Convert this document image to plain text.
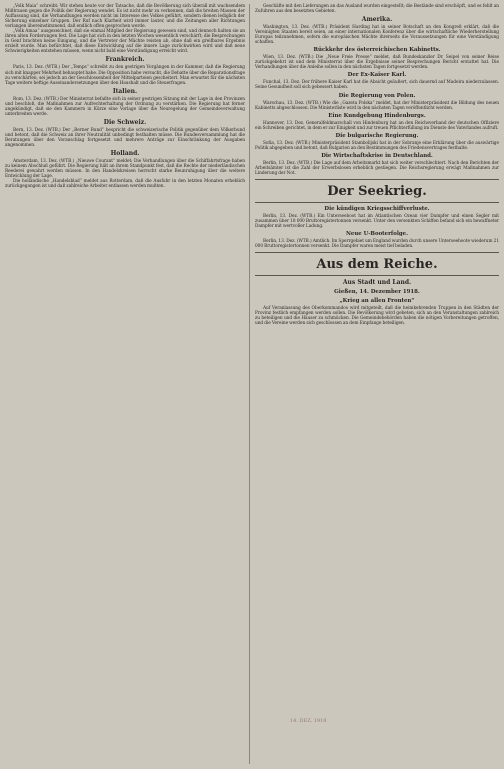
„Volk Maia“ schreibt: Wir stehen heute vor der Tatsache, daß die Bevölkerung sich überall mit wachsendem Mißtrauen gegen die Politik der Regierung wendet. Es ist nicht mehr zu verkennen, daß die breiten Massen der Auffassung sind, die Verhandlungen werden nicht im Interesse des Volkes geführt, sondern dienen lediglich der Sicherung einzelner Gruppen. Der Ruf nach Klarheit wird immer lauter, und die Zeitungen aller Richtungen verlangen übereinstimmend, daß endlich offen gesprochen werde.

„Volk Amaa“ ausgezeichnet, daß sie einmal Mitglied der Regierung gewesen sind, und dennoch halten sie an ihren alten Forderungen fest. Die Lage hat sich in den letzten Wochen wesentlich verschärft; die Besprechungen in Genf brachten keine Einigung, und die Vertreter der Mächte reisten ab, ohne daß ein greifbares Ergebnis erzielt wurde. Man befürchtet, daß diese Entwicklung auf die innere Lage zurückwirken wird und daß neue Schwierigkeiten entstehen müssen, wenn nicht bald eine Verständigung erreicht wird.

Frankreich.

Paris, 13. Dez. (WTB.) Der „Temps“ schreibt zu den gestrigen Vorgängen in der Kammer, daß die Regierung sich mit knapper Mehrheit behauptet habe. Die Opposition habe versucht, die Debatte über die Reparationsfrage zu verschärfen, sei jedoch an der Geschlossenheit der Mittelparteien gescheitert. Man erwartet für die nächsten Tage weitere heftige Auseinandersetzungen über den Haushalt und die Steuerfragen.

Italien.

Rom, 13. Dez. (WTB.) Der Ministerrat befaßte sich in seiner gestrigen Sitzung mit der Lage in den Provinzen und beschloß, die Maßnahmen zur Aufrechterhaltung der Ordnung zu verstärken. Die Regierung hat ferner angekündigt, daß sie den Kammern in Kürze eine Vorlage über die Neuregelung der Gemeindeverwaltung unterbreiten werde.

Die Schweiz.

Bern, 13. Dez. (WTB.) Der „Berner Bund“ bespricht die schweizerische Politik gegenüber dem Völkerbund und betont, daß die Schweiz an ihrer Neutralität unbedingt festhalten müsse. Die Bundesversammlung hat die Beratungen über den Voranschlag fortgesetzt und mehrere Anträge zur Einschränkung der Ausgaben angenommen.

Holland.

Amsterdam, 13. Dez. (WTB.) „Nieuwe Courant“ meldet: Die Verhandlungen über die Schiffahrtsfrage haben zu keinem Abschluß geführt. Die Regierung hält an ihrem Standpunkt fest, daß die Rechte der niederländischen Reederei gewahrt werden müssen. In den Handelskreisen herrscht starke Beunruhigung über die weitere Entwicklung der Lage.

Die holländische „Handelsblad“ meldet aus Rotterdam, daß die Ausfuhr in den letzten Monaten erheblich zurückgegangen ist und daß zahlreiche Arbeiter entlassen werden mußten.

Geschäfte mit den Lieferungen an das Ausland wurden eingestellt; die Bestände sind erschöpft, und es fehlt an Zufuhren aus den besetzten Gebieten.

Amerika.

Washington, 13. Dez. (WTB.) Präsident Harding hat in seiner Botschaft an den Kongreß erklärt, daß die Vereinigten Staaten bereit seien, an einer internationalen Konferenz über die wirtschaftliche Wiederherstellung Europas teilzunehmen, sofern die europäischen Mächte ihrerseits die Voraussetzungen für eine Verständigung schaffen.

Rückkehr des österreichischen Kabinetts.

Wien, 13. Dez. (WTB.) Die „Neue Freie Presse“ meldet, daß Bundeskanzler Dr. Seipel von seiner Reise zurückgekehrt ist und dem Ministerrat über die Ergebnisse seiner Besprechungen Bericht erstattet hat. Die Verhandlungen über die Anleihe sollen in den nächsten Tagen fortgesetzt werden.

Der Ex-Kaiser Karl.

Funchal, 13. Dez. Der frühere Kaiser Karl hat die Absicht geäußert, sich dauernd auf Madeira niederzulassen. Seine Gesundheit soll sich gebessert haben.

Die Regierung von Polen.

Warschau, 13. Dez. (WTB.) Wie die „Gazeta Polska“ meldet, hat der Ministerpräsident die Bildung des neuen Kabinetts abgeschlossen. Die Ministerliste wird in den nächsten Tagen veröffentlicht werden.

Eine Kundgebung Hindenburgs.

Hannover, 13. Dez. Generalfeldmarschall von Hindenburg hat an den Reichsverband der deutschen Offiziere ein Schreiben gerichtet, in dem er zur Einigkeit und zur treuen Pflichterfüllung im Dienste des Vaterlandes aufruft.

Die bulgarische Regierung.

Sofia, 13. Dez. (WTB.) Ministerpräsident Stambolijski hat in der Sobranje eine Erklärung über die auswärtige Politik abgegeben und betont, daß Bulgarien an den Bestimmungen des Friedensvertrages festhalte.

Die Wirtschaftskrise in Deutschland.

Berlin, 13. Dez. (WTB.) Die Lage auf dem Arbeitsmarkt hat sich weiter verschlechtert. Nach den Berichten der Arbeitsämter ist die Zahl der Erwerbslosen erheblich gestiegen. Die Reichsregierung erwägt Maßnahmen zur Linderung der Not.

Der Seekrieg.
Die kündigen Kriegsschiffverluste.

Berlin, 13. Dez. (WTB.) Ein Unterseeboot hat im Atlantischen Ozean vier Dampfer und einen Segler mit zusammen über 18 000 Bruttoregistertonnen versenkt. Unter den versenkten Schiffen befand sich ein bewaffneter Dampfer mit wertvoller Ladung.

Neue U-Booterfolge.

Berlin, 13. Dez. (WTB.) Amtlich. Im Sperrgebiet um England wurden durch unsere Unterseeboote wiederum 21 000 Bruttoregistertonnen versenkt. Die Dampfer waren meist tief beladen.

Aus dem Reiche.
Aus Stadt und Land.
Gießen, 14. Dezember 1918.
„Krieg an allen Fronten“

Auf Veranlassung des Oberkommandos wird mitgeteilt, daß die heimkehrenden Truppen in den Städten der Provinz festlich empfangen werden sollen. Die Bevölkerung wird gebeten, sich an den Veranstaltungen zahlreich zu beteiligen und die Häuser zu schmücken. Die Gemeindebehörden haben die nötigen Vorbereitungen getroffen, und die Vereine werden sich geschlossen an dem Empfange beteiligen.

14. DEZ. 1918
